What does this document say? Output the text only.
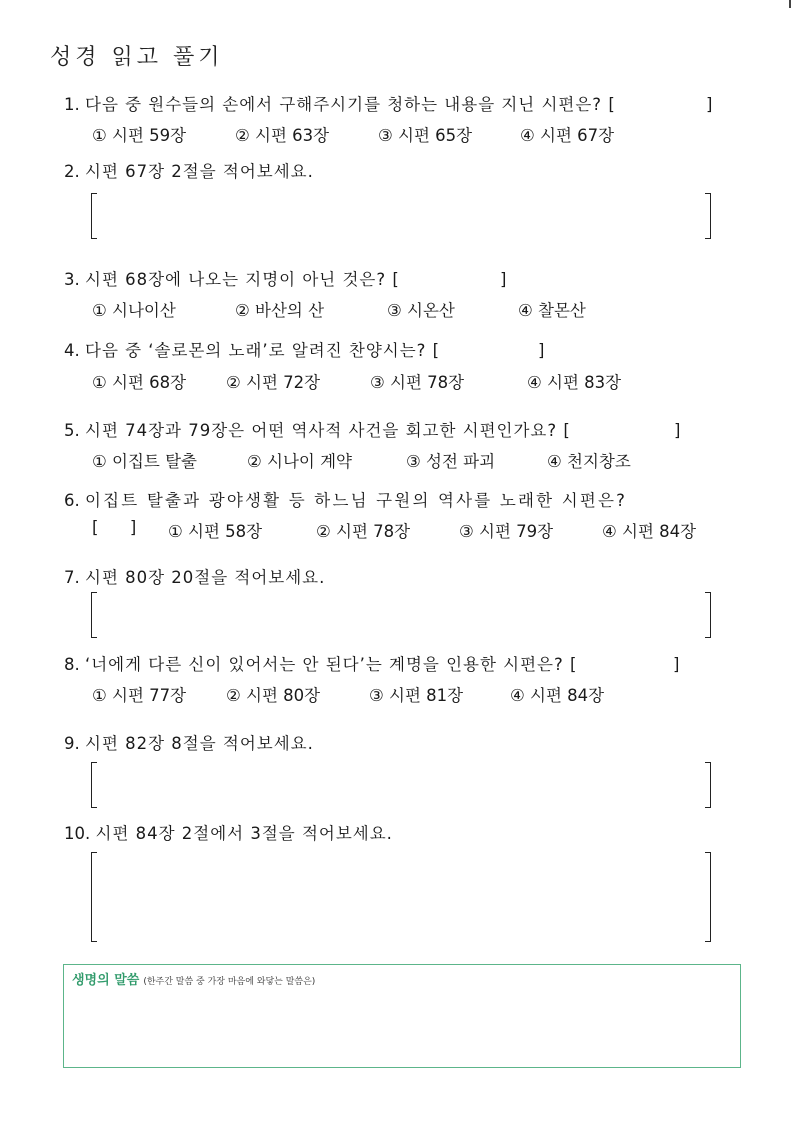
성경 읽고 풀기
1. 다음 중 원수들의 손에서 구해주시기를 청하는 내용을 지닌 시편은? [	]
① 시편 59장	② 시편 63장	③ 시편 65장	④ 시편 67장
2. 시편 67장 2절을 적어보세요.
3. 시편 68장에 나오는 지명이 아닌 것은? [	]
① 시나이산	② 바산의 산	③ 시온산	④ 찰몬산
4. 다음 중 ‘솔로몬의 노래’로 알려진 찬양시는? [	]
① 시편 68장 ② 시편 72장	③ 시편 78장	④ 시편 83장
5. 시편 74장과 79장은 어떤 역사적 사건을 회고한 시편인가요? [	]
① 이집트 탈출	② 시나이 계약	③ 성전 파괴	④ 천지창조
6. 이집트 탈출과 광야생활 등 하느님 구원의 역사를 노래한 시편은?
[      ] ① 시편 58장	② 시편 78장	③ 시편 79장	④ 시편 84장
7. 시편 80장 20절을 적어보세요.
8. ‘너에게 다른 신이 있어서는 안 된다’는 계명을 인용한 시편은? [	]
① 시편 77장 ② 시편 80장	③ 시편 81장	④ 시편 84장
9. 시편 82장 8절을 적어보세요.
10. 시편 84장 2절에서 3절을 적어보세요.
생명의 말씀 (한주간 말씀 중 가장 마음에 와닿는 말씀은)
